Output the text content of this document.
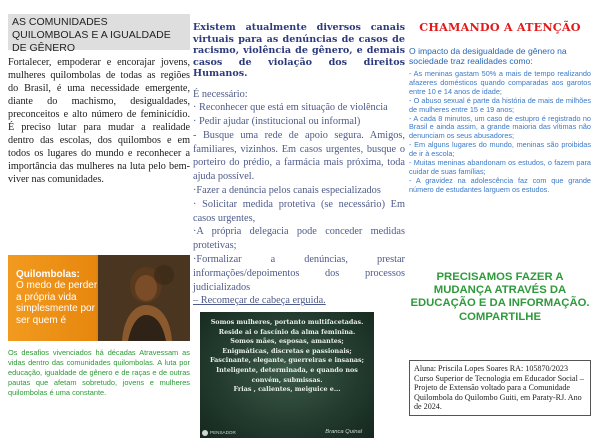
AS COMUNIDADES QUILOMBOLAS E A IGUALDADE DE GÊNERO

Fortalecer, empoderar e encorajar jovens, mulheres quilombolas de todas as regiões do Brasil, é uma necessidade emergente, diante do machismo, desigualdades, preconceitos e alto número de feminicídio. É preciso lutar para mudar a realidade dentro das escolas, dos quilombos e em todos os lugares do mundo e reconhecer a importância das mulheres na luta pelo bem-viver nas comunidades.

Quilombolas:
O medo de perder a própria vida simplesmente por ser quem é

Os desafios vivenciados há décadas Atravessam as vidas dentro das comunidades quilombolas. A luta por educação, igualdade de gênero e de raças e de outras pautas que afetam sobretudo, jovens e mulheres quilombolas é uma constante.

Existem atualmente diversos canais virtuais para as denúncias de casos de racismo, violência de gênero, e demais casos de violação dos direitos Humanos.

É necessário:
· Reconhecer que está em situação de violência
· Pedir ajudar (institucional ou informal)
- Busque uma rede de apoio segura. Amigos, familiares, vizinhos. Em casos urgentes, busque o porteiro do prédio, a farmácia mais próxima, toda ajuda possível.
·Fazer a denúncia pelos canais especializados
· Solicitar medida protetiva (se necessário) Em casos urgentes,
·A própria delegacia pode conceder medidas protetivas;
·Formalizar a denúncias, prestar informações/depoimentos dos processos judicializados
– Recomeçar de cabeça erguida.
Somos mulheres, portanto multifacetadas.
Reside ai o fascínio da alma feminina.
Somos mães, esposas, amantes;
Enigmáticas, discretas e passionais;
Fascinante, elegante, guerreiras e insanas;
Inteligente, determinada, e quando nos
convém, submissas.
Frias , calientes, meiguice e...
PENSADOR	Branca Quinal
CHAMANDO A ATENÇÃO

O impacto da desigualdade de gênero na sociedade traz realidades como:

- As meninas gastam 50% a mais de tempo realizando afazeres domésticos quando comparadas aos garotos entre 10 e 14 anos de idade;
- O abuso sexual é parte da história de mais de milhões de mulheres entre 15 e 19 anos;
- A cada 8 minutos, um caso de estupro é registrado no Brasil e ainda assim, a grande maioria das vítimas não denunciam os seus abusadores;
- Em alguns lugares do mundo, meninas são proibidas de ir à escola;
- Muitas meninas abandonam os estudos, o fazem para cuidar de suas famílias;
- A gravidez na adolescência faz com que grande número de estudantes larguem os estudos.

PRECISAMOS FAZER A MUDANÇA ATRAVÉS DA EDUCAÇÃO E DA INFORMAÇÃO. COMPARTILHE

Aluna: Priscila Lopes Soares RA: 105870/2023 Curso Superior de Tecnologia em Educador Social – Projeto de Extensão voltado para a Comunidade Quilombola do Quilombo Guiti, em Paraty-RJ. Ano de 2024.
